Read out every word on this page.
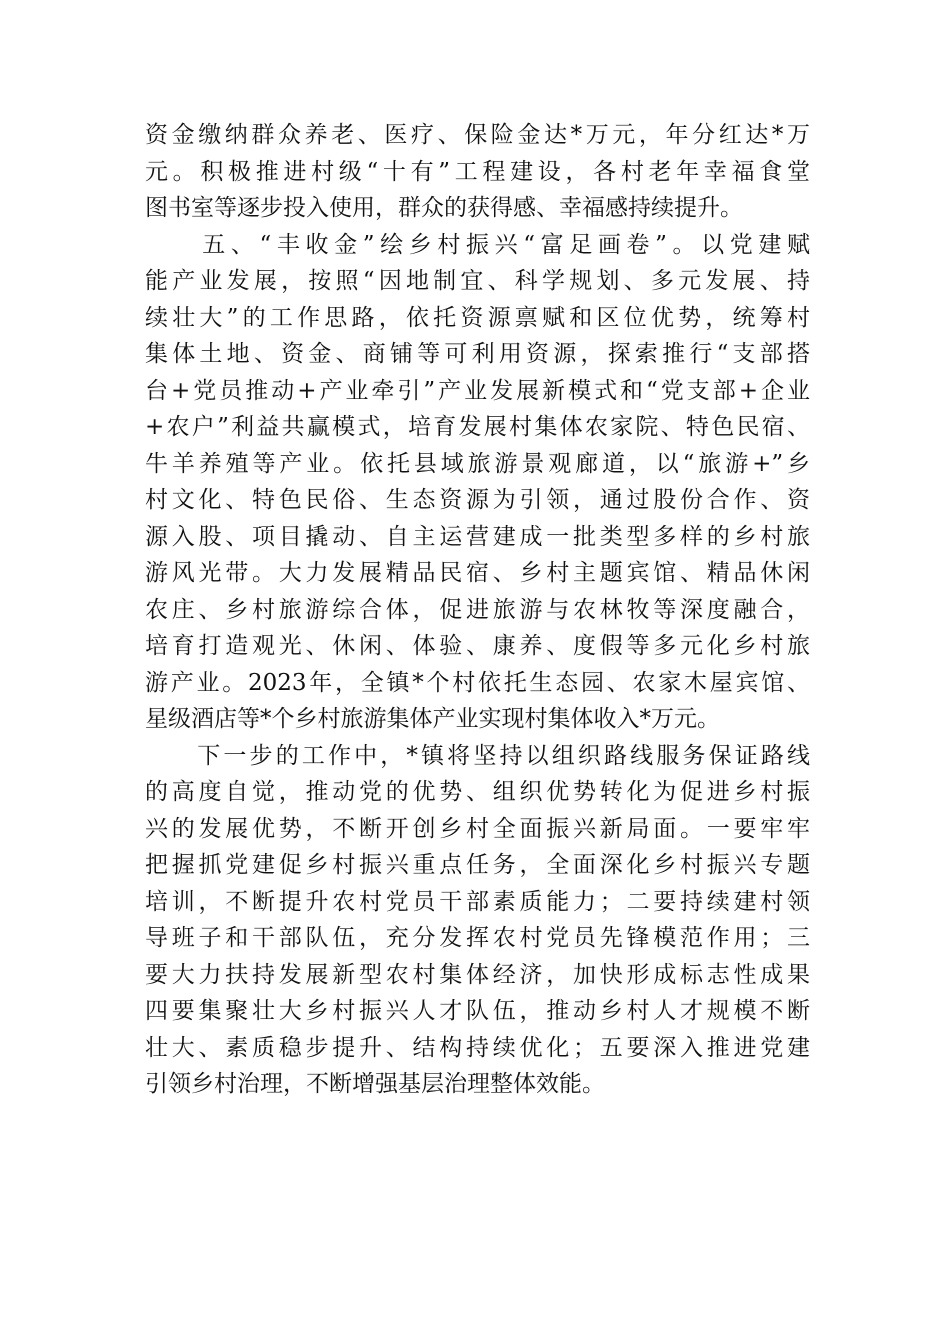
资金缴纳群众养老、医疗、保险金达*万元，年分红达*万
元。积极推进村级“十有”工程建设，各村老年幸福食堂
图书室等逐步投入使用，群众的获得感、幸福感持续提升。
　　五、“丰收金”绘乡村振兴“富足画卷”。以党建赋
能产业发展，按照“因地制宜、科学规划、多元发展、持
续壮大”的工作思路，依托资源禀赋和区位优势，统筹村
集体土地、资金、商铺等可利用资源，探索推行“支部搭
台+党员推动+产业牵引”产业发展新模式和“党支部+企业
+农户”利益共赢模式，培育发展村集体农家院、特色民宿、
牛羊养殖等产业。依托县域旅游景观廊道，以“旅游+”乡
村文化、特色民俗、生态资源为引领，通过股份合作、资
源入股、项目撬动、自主运营建成一批类型多样的乡村旅
游风光带。大力发展精品民宿、乡村主题宾馆、精品休闲
农庄、乡村旅游综合体，促进旅游与农林牧等深度融合，
培育打造观光、休闲、体验、康养、度假等多元化乡村旅
游产业。2023年，全镇*个村依托生态园、农家木屋宾馆、
星级酒店等*个乡村旅游集体产业实现村集体收入*万元。
　　下一步的工作中，*镇将坚持以组织路线服务保证路线
的高度自觉，推动党的优势、组织优势转化为促进乡村振
兴的发展优势，不断开创乡村全面振兴新局面。一要牢牢
把握抓党建促乡村振兴重点任务，全面深化乡村振兴专题
培训，不断提升农村党员干部素质能力；二要持续建村领
导班子和干部队伍，充分发挥农村党员先锋模范作用；三
要大力扶持发展新型农村集体经济，加快形成标志性成果
四要集聚壮大乡村振兴人才队伍，推动乡村人才规模不断
壮大、素质稳步提升、结构持续优化；五要深入推进党建
引领乡村治理，不断增强基层治理整体效能。
